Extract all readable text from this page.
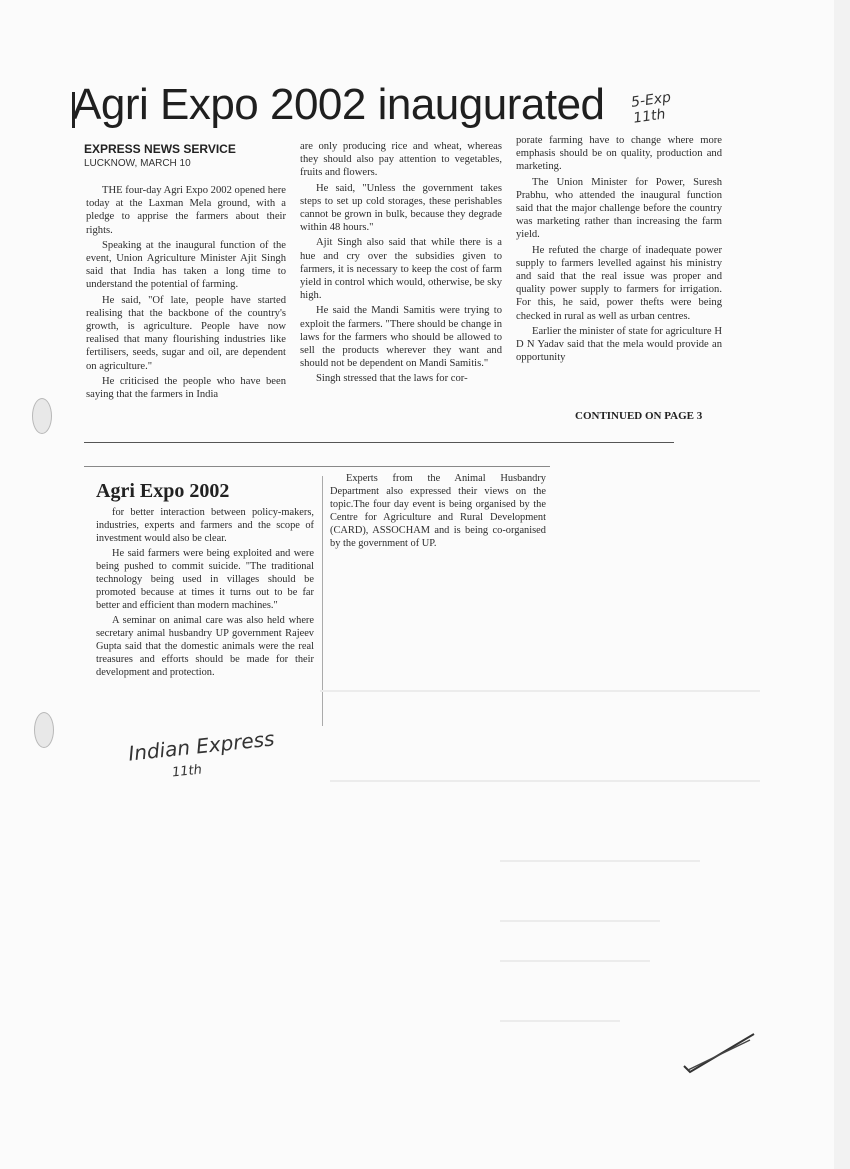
Agri Expo 2002 inaugurated 5-Exp 11th
EXPRESS NEWS SERVICE
LUCKNOW, MARCH 10

THE four-day Agri Expo 2002 opened here today at the Laxman Mela ground, with a pledge to apprise the farmers about their rights.

Speaking at the inaugural function of the event, Union Agriculture Minister Ajit Singh said that India has taken a long time to understand the potential of farming.

He said, "Of late, people have started realising that the backbone of the country's growth, is agriculture. People have now realised that many flourishing industries like fertilisers, seeds, sugar and oil, are dependent on agriculture."

He criticised the people who have been saying that the farmers in India

are only producing rice and wheat, whereas they should also pay attention to vegetables, fruits and flowers.

He said, "Unless the government takes steps to set up cold storages, these perishables cannot be grown in bulk, because they degrade within 48 hours."

Ajit Singh also said that while there is a hue and cry over the subsidies given to farmers, it is necessary to keep the cost of farm yield in control which would, otherwise, be sky high.

He said the Mandi Samitis were trying to exploit the farmers. "There should be change in laws for the farmers who should be allowed to sell the products wherever they want and should not be dependent on Mandi Samitis."

Singh stressed that the laws for cor-

porate farming have to change where more emphasis should be on quality, production and marketing.

The Union Minister for Power, Suresh Prabhu, who attended the inaugural function said that the major challenge before the country was marketing rather than increasing the farm yield.

He refuted the charge of inadequate power supply to farmers levelled against his ministry and said that the real issue was proper and quality power supply to farmers for irrigation. For this, he said, power thefts were being checked in rural as well as urban centres.

Earlier the minister of state for agriculture H D N Yadav said that the mela would provide an opportunity

CONTINUED ON PAGE 3
Agri Expo 2002

for better interaction between policy-makers, industries, experts and farmers and the scope of investment would also be clear.

He said farmers were being exploited and were being pushed to commit suicide. "The traditional technology being used in villages should be promoted because at times it turns out to be far better and efficient than modern machines."

A seminar on animal care was also held where secretary animal husbandry UP government Rajeev Gupta said that the domestic animals were the real treasures and efforts should be made for their development and protection.

Experts from the Animal Husbandry Department also expressed their views on the topic.The four day event is being organised by the Centre for Agriculture and Rural Development (CARD), ASSOCHAM and is being co-organised by the government of UP.

Indian Express
11th
